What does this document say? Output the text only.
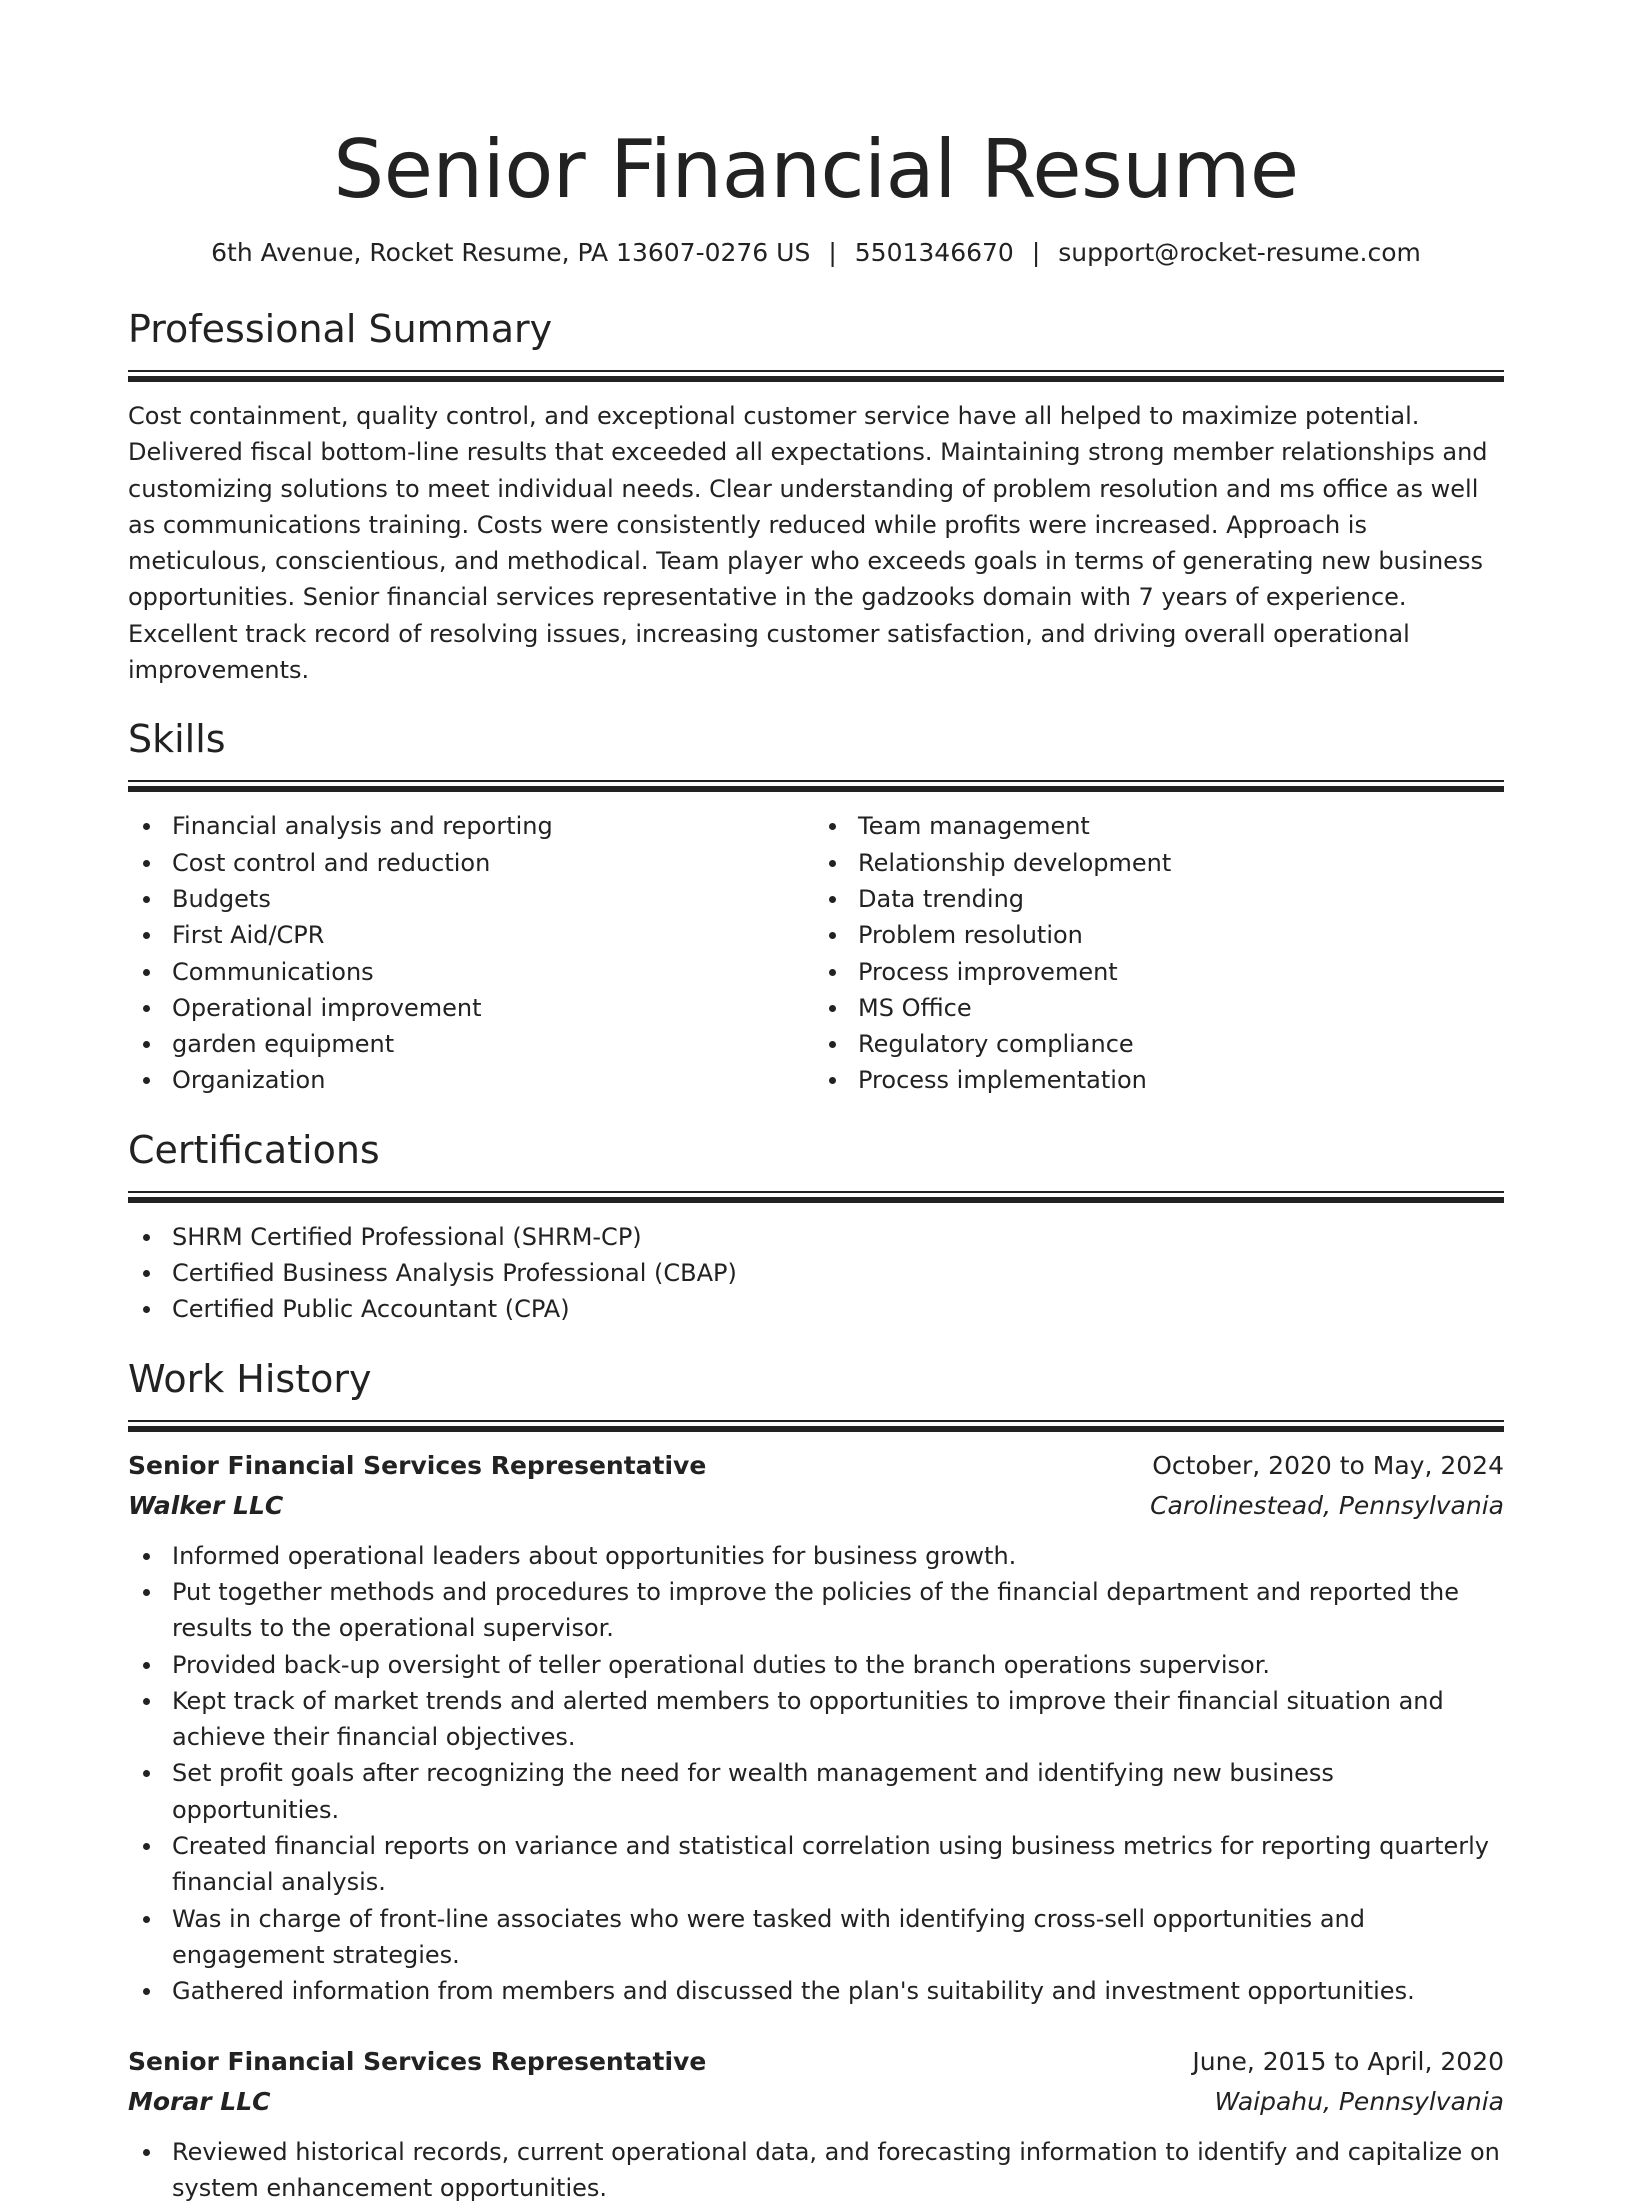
Senior Financial Resume
6th Avenue, Rocket Resume, PA 13607-0276 US | 5501346670 | support@rocket-resume.com
Professional Summary

Cost containment, quality control, and exceptional customer service have all helped to maximize potential. Delivered fiscal bottom-line results that exceeded all expectations. Maintaining strong member relationships and customizing solutions to meet individual needs. Clear understanding of problem resolution and ms office as well as communications training. Costs were consistently reduced while profits were increased. Approach is meticulous, conscientious, and methodical. Team player who exceeds goals in terms of generating new business opportunities. Senior financial services representative in the gadzooks domain with 7 years of experience. Excellent track record of resolving issues, increasing customer satisfaction, and driving overall operational improvements.

Skills
Financial analysis and reporting
Cost control and reduction
Budgets
First Aid/CPR
Communications
Operational improvement
garden equipment
Organization
Team management
Relationship development
Data trending
Problem resolution
Process improvement
MS Office
Regulatory compliance
Process implementation
Certifications
SHRM Certified Professional (SHRM-CP)
Certified Business Analysis Professional (CBAP)
Certified Public Accountant (CPA)
Work History
Senior Financial Services Representative	October, 2020 to May, 2024
Walker LLC	Carolinestead, Pennsylvania
Informed operational leaders about opportunities for business growth.
Put together methods and procedures to improve the policies of the financial department and reported the results to the operational supervisor.
Provided back-up oversight of teller operational duties to the branch operations supervisor.
Kept track of market trends and alerted members to opportunities to improve their financial situation and achieve their financial objectives.
Set profit goals after recognizing the need for wealth management and identifying new business opportunities.
Created financial reports on variance and statistical correlation using business metrics for reporting quarterly financial analysis.
Was in charge of front-line associates who were tasked with identifying cross-sell opportunities and engagement strategies.
Gathered information from members and discussed the plan's suitability and investment opportunities.
Senior Financial Services Representative	June, 2015 to April, 2020
Morar LLC	Waipahu, Pennsylvania
Reviewed historical records, current operational data, and forecasting information to identify and capitalize on system enhancement opportunities.
